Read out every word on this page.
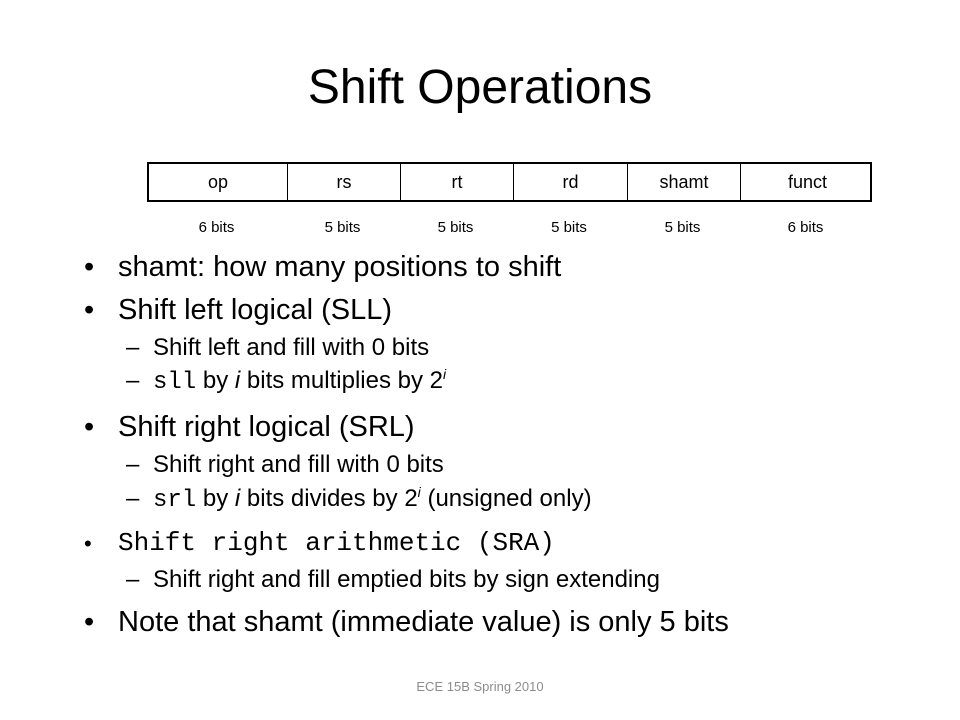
Shift Operations
op	rs	rt	rd	shamt	funct
6 bits	5 bits	5 bits	5 bits	5 bits	6 bits
• shamt: how many positions to shift
• Shift left logical (SLL)
– Shift left and fill with 0 bits
– sll by i bits multiplies by 2$^i$
• Shift right logical (SRL)
– Shift right and fill with 0 bits
– srl by i bits divides by 2$^i$ (unsigned only)
• Shift right arithmetic (SRA)
– Shift right and fill emptied bits by sign extending
• Note that shamt (immediate value) is only 5 bits
ECE 15B Spring 2010
